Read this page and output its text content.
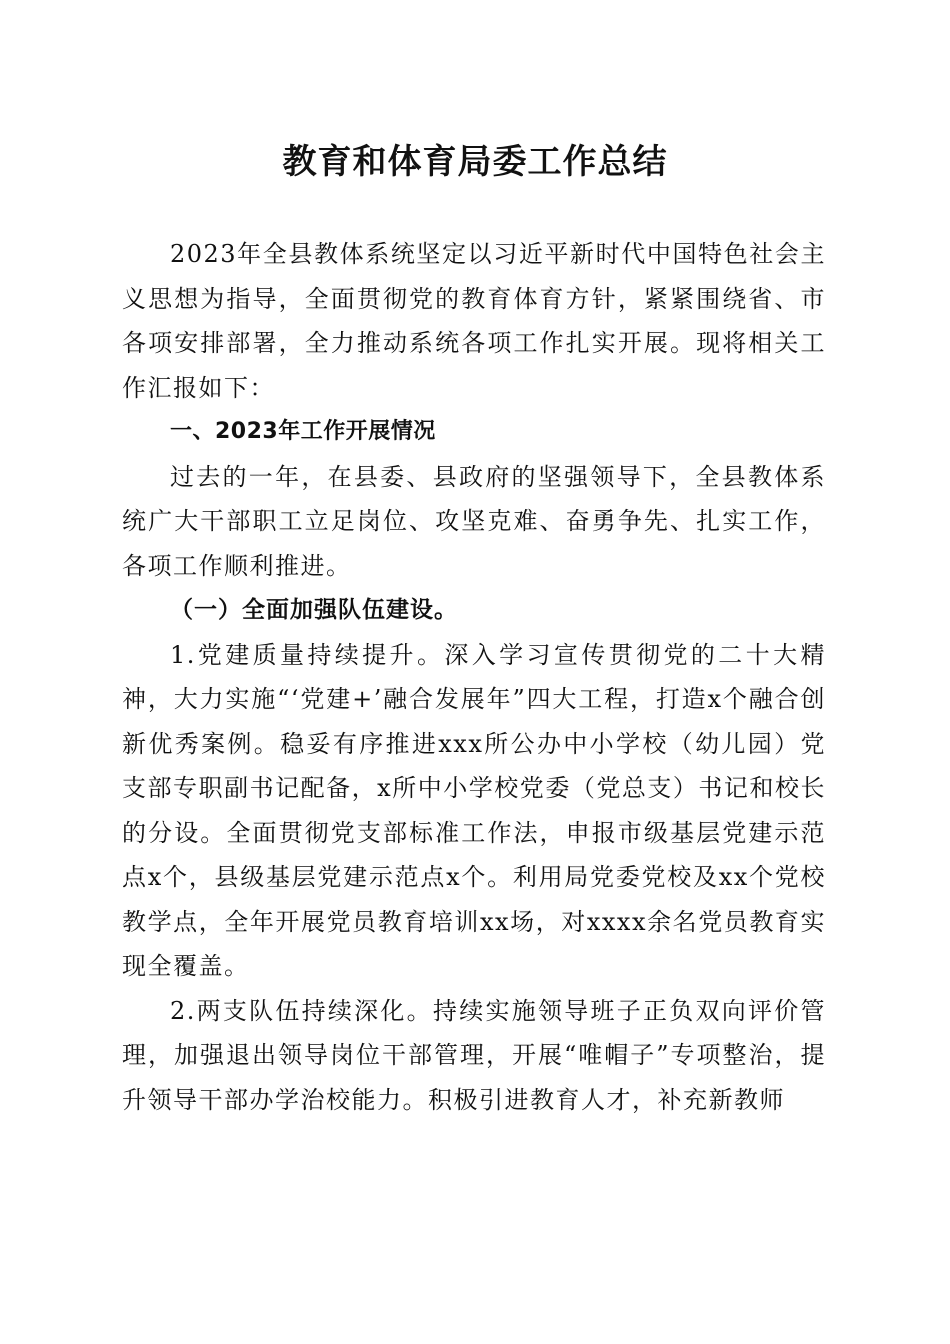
教育和体育局委工作总结

2023年全县教体系统坚定以习近平新时代中国特色社会主义思想为指导，全面贯彻党的教育体育方针，紧紧围绕省、市各项安排部署，全力推动系统各项工作扎实开展。现将相关工作汇报如下：

一、2023年工作开展情况

过去的一年，在县委、县政府的坚强领导下，全县教体系统广大干部职工立足岗位、攻坚克难、奋勇争先、扎实工作，各项工作顺利推进。

（一）全面加强队伍建设。

1.党建质量持续提升。深入学习宣传贯彻党的二十大精神，大力实施“‘党建+’融合发展年”四大工程，打造x个融合创新优秀案例。稳妥有序推进xxx所公办中小学校（幼儿园）党支部专职副书记配备，x所中小学校党委（党总支）书记和校长的分设。全面贯彻党支部标准工作法，申报市级基层党建示范点x个，县级基层党建示范点x个。利用局党委党校及xx个党校教学点，全年开展党员教育培训xx场，对xxxx余名党员教育实现全覆盖。

2.两支队伍持续深化。持续实施领导班子正负双向评价管理，加强退出领导岗位干部管理，开展“唯帽子”专项整治，提升领导干部办学治校能力。积极引进教育人才，补充新教师
